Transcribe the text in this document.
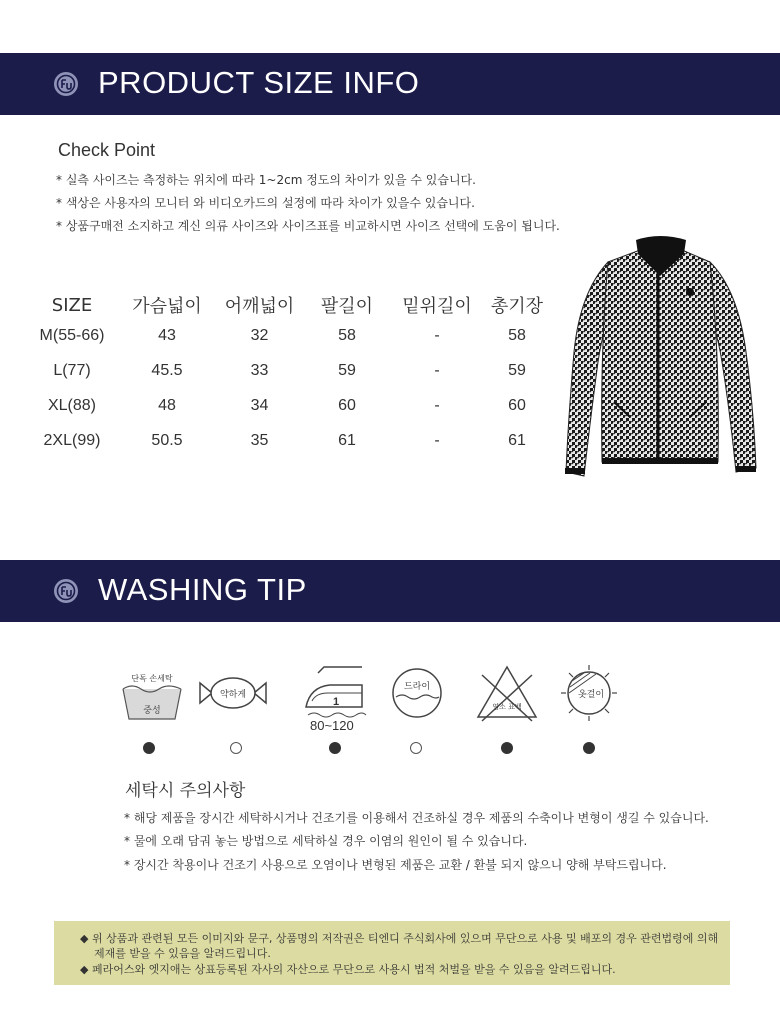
PRODUCT SIZE INFO
Check Point
* 실측 사이즈는 측정하는 위치에 따라 1~2cm 정도의 차이가 있을 수 있습니다.
* 색상은 사용자의 모니터 와 비디오카드의 설정에 따라 차이가 있을수 있습니다.
* 상품구매전 소지하고 계신 의류 사이즈와 사이즈표를 비교하시면 사이즈 선택에 도움이 됩니다.
SIZE	가슴넓이	어깨넓이	팔길이	밑위길이	총기장
M(55-66)	43	32	58	-	58
L(77)	45.5	33	59	-	59
XL(88)	48	34	60	-	60
2XL(99)	50.5	35	61	-	61
WASHING TIP
단독 손세탁
중성
약하게
1
80~120
드라이
염소 표백
옷걸이
세탁시 주의사항
* 해당 제품을 장시간 세탁하시거나 건조기를 이용해서 건조하실 경우 제품의 수축이나 변형이 생길 수 있습니다.
* 물에 오래 담궈 놓는 방법으로 세탁하실 경우 이염의 원인이 될 수 있습니다.
* 장시간 착용이나 건조기 사용으로 오염이나 변형된 제품은 교환 / 환불 되지 않으니 양해 부탁드립니다.
◆ 위 상품과 관련된 모든 이미지와 문구, 상품명의 저작권은 티엔디 주식회사에 있으며 무단으로 사용 및 배포의 경우 관련법령에 의해
제재를 받을 수 있음을 알려드립니다.
◆ 페라어스와 엣지애는 상표등록된 자사의 자산으로 무단으로 사용시 법적 처벌을 받을 수 있음을 알려드립니다.
